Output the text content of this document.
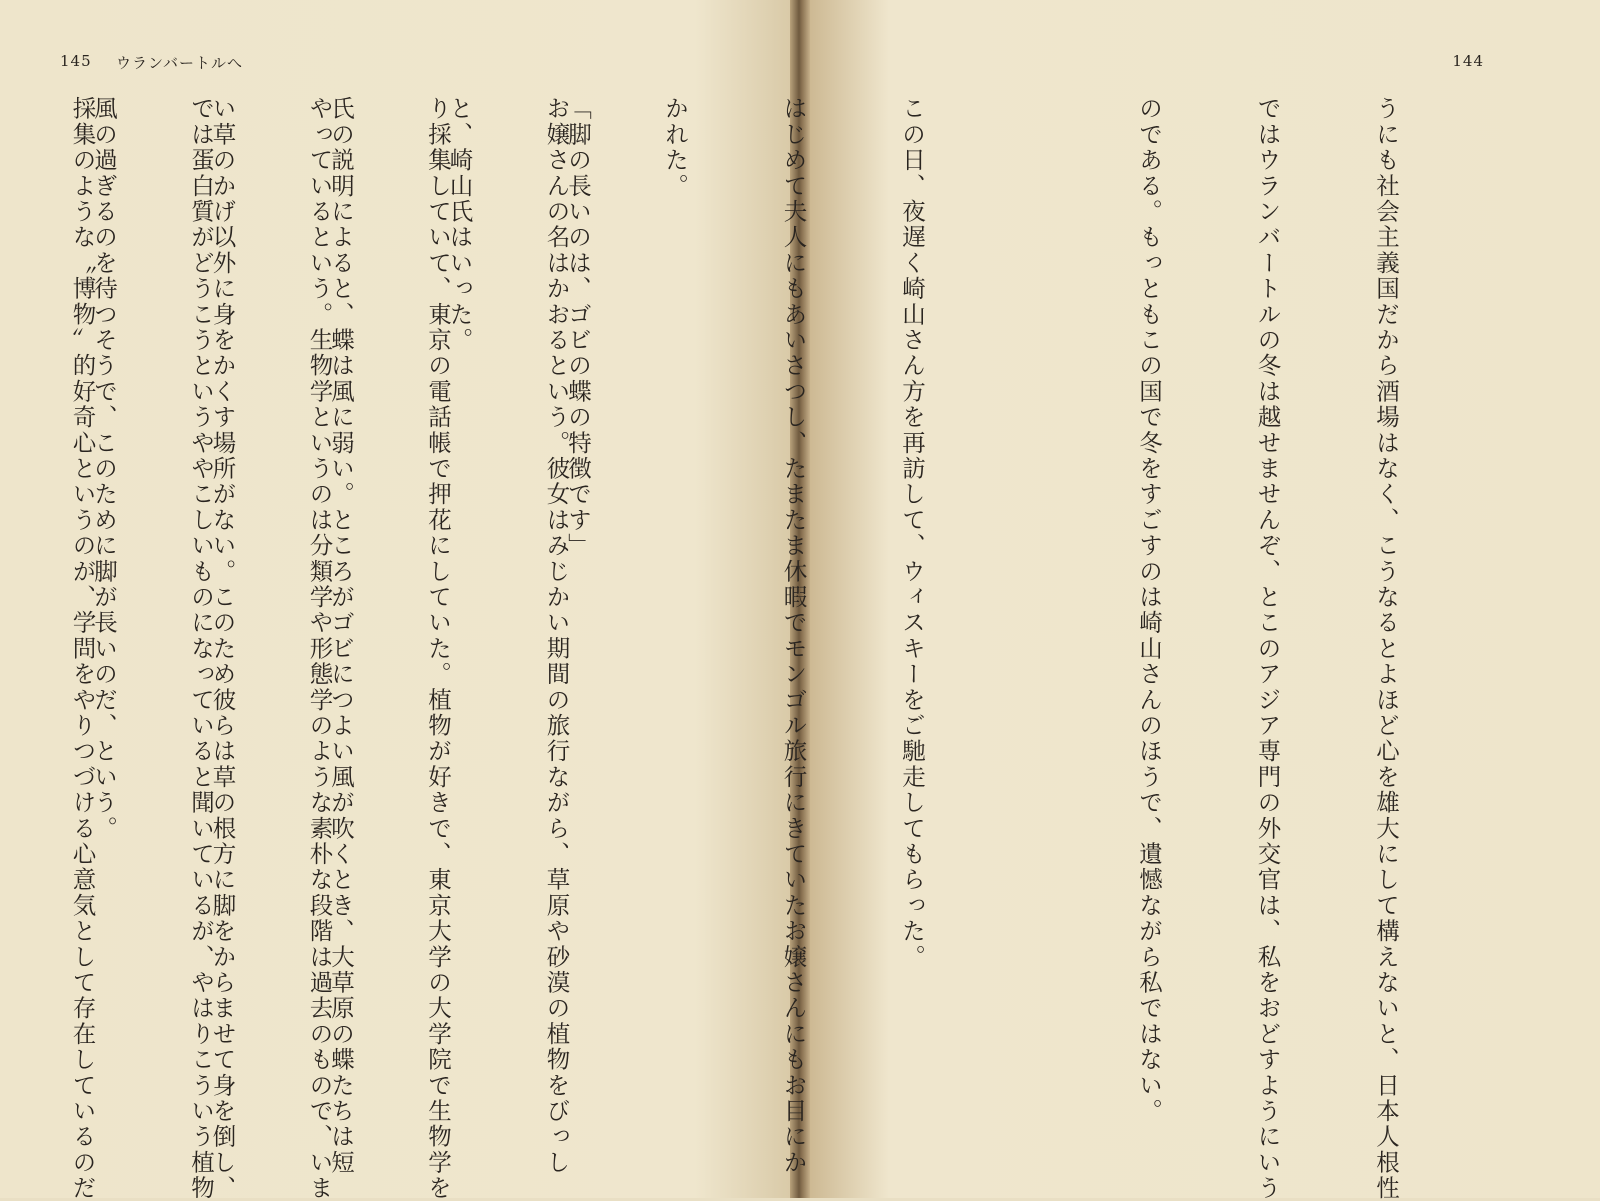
145 ウランバートルへ

「脚の長いのは、ゴビの蝶の特徴です」

と、崎山氏はいった。

氏の説明によると、蝶は風に弱い。ところがゴビにつよい風が吹くとき、大草原の蝶たちは短

い草のかげ以外に身をかくす場所がない。このため彼らは草の根方に脚をからませて身を倒し、

風の過ぎるのを待つそうで、このために脚が長いのだ、という。

144

うにも社会主義国だから酒場はなく、こうなるとよほど心を雄大にして構えないと、日本人根性

ではウランバートルの冬は越せませんぞ、とこのアジア専門の外交官は、私をおどすようにいう

のである。もっともこの国で冬をすごすのは崎山さんのほうで、遺憾ながら私ではない。

この日、夜遅く崎山さん方を再訪して、ウィスキーをご馳走してもらった。

はじめて夫人にもあいさつし、たまたま休暇でモンゴル旅行にきていたお嬢さんにもお目にか

かれた。

お嬢さんの名はかおるという。彼女はみじかい期間の旅行ながら、草原や砂漠の植物をびっし

り採集していて、東京の電話帳で押花にしていた。植物が好きで、東京大学の大学院で生物学を

やっているという。生物学というのは分類学や形態学のような素朴な段階は過去のもので、いま

では蛋白質がどうこうというややこしいものになっていると聞いているが、やはりこういう植物

採集のような〝博物〟的好奇心というのが、学問をやりつづける心意気として存在しているのだ
